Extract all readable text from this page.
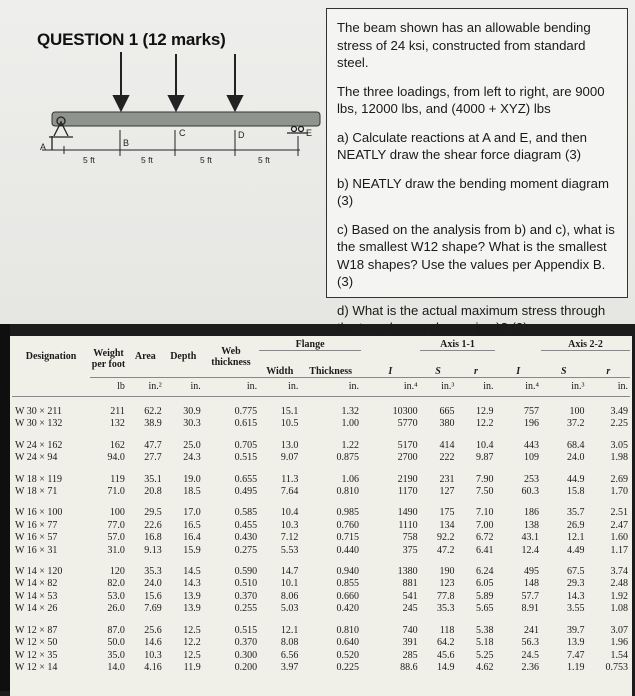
QUESTION 1 (12 marks)
A	B
C	D	E
5 ft	5 ft	5 ft	5 ft

The beam shown has an allowable bending stress of 24 ksi, constructed from standard steel.

The three loadings, from left to right, are 9000 lbs, 12000 lbs, and (4000 + XYZ) lbs

a) Calculate reactions at A and E, and then NEATLY draw the shear force diagram (3)

b) NEATLY draw the bending moment diagram (3)

c) Based on the analysis from b) and c), what is the smallest W12 shape? What is the smallest W18 shapes? Use the values per Appendix B. (3)

d) What is the actual maximum stress through the two shapes chosen in c)? (3)

Designation	Weight per foot	Area	Depth	Web thickness	Flange			Axis 1-1			Axis 2-2	
					Width	Thickness	I	S	r	I	S	r
	lb	in.²	in.	in.	in.	in.	in.⁴	in.³	in.	in.⁴	in.³	in.

W 30 × 211	211	62.2	30.9	0.775	15.1	1.32	10300	665	12.9	757	100	3.49
W 30 × 132	132	38.9	30.3	0.615	10.5	1.00	5770	380	12.2	196	37.2	2.25

W 24 × 162	162	47.7	25.0	0.705	13.0	1.22	5170	414	10.4	443	68.4	3.05
W 24 × 94	94.0	27.7	24.3	0.515	9.07	0.875	2700	222	9.87	109	24.0	1.98

W 18 × 119	119	35.1	19.0	0.655	11.3	1.06	2190	231	7.90	253	44.9	2.69
W 18 × 71	71.0	20.8	18.5	0.495	7.64	0.810	1170	127	7.50	60.3	15.8	1.70

W 16 × 100	100	29.5	17.0	0.585	10.4	0.985	1490	175	7.10	186	35.7	2.51
W 16 × 77	77.0	22.6	16.5	0.455	10.3	0.760	1110	134	7.00	138	26.9	2.47
W 16 × 57	57.0	16.8	16.4	0.430	7.12	0.715	758	92.2	6.72	43.1	12.1	1.60
W 16 × 31	31.0	9.13	15.9	0.275	5.53	0.440	375	47.2	6.41	12.4	4.49	1.17

W 14 × 120	120	35.3	14.5	0.590	14.7	0.940	1380	190	6.24	495	67.5	3.74
W 14 × 82	82.0	24.0	14.3	0.510	10.1	0.855	881	123	6.05	148	29.3	2.48
W 14 × 53	53.0	15.6	13.9	0.370	8.06	0.660	541	77.8	5.89	57.7	14.3	1.92
W 14 × 26	26.0	7.69	13.9	0.255	5.03	0.420	245	35.3	5.65	8.91	3.55	1.08

W 12 × 87	87.0	25.6	12.5	0.515	12.1	0.810	740	118	5.38	241	39.7	3.07
W 12 × 50	50.0	14.6	12.2	0.370	8.08	0.640	391	64.2	5.18	56.3	13.9	1.96
W 12 × 35	35.0	10.3	12.5	0.300	6.56	0.520	285	45.6	5.25	24.5	7.47	1.54
W 12 × 14	14.0	4.16	11.9	0.200	3.97	0.225	88.6	14.9	4.62	2.36	1.19	0.753
